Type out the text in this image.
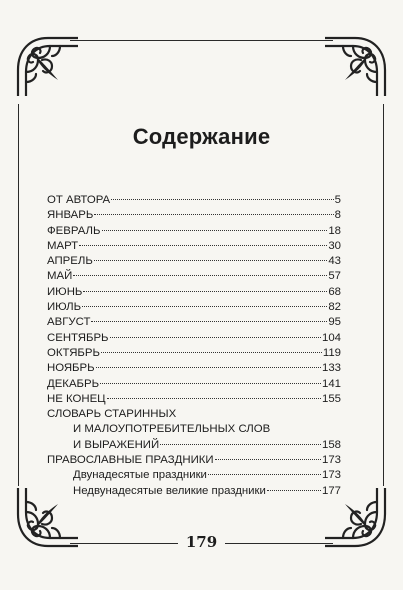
Содержание
ОТ АВТОРА	5
ЯНВАРЬ	8
ФЕВРАЛЬ	18
МАРТ	30
АПРЕЛЬ	43
МАЙ	57
ИЮНЬ	68
ИЮЛЬ	82
АВГУСТ	95
СЕНТЯБРЬ	104
ОКТЯБРЬ	119
НОЯБРЬ	133
ДЕКАБРЬ	141
НЕ КОНЕЦ	155
СЛОВАРЬ СТАРИННЫХ
И МАЛОУПОТРЕБИТЕЛЬНЫХ СЛОВ
И ВЫРАЖЕНИЙ	158
ПРАВОСЛАВНЫЕ ПРАЗДНИКИ	173
Двунадесятые праздники	173
Недвунадесятые великие праздники	177
179
